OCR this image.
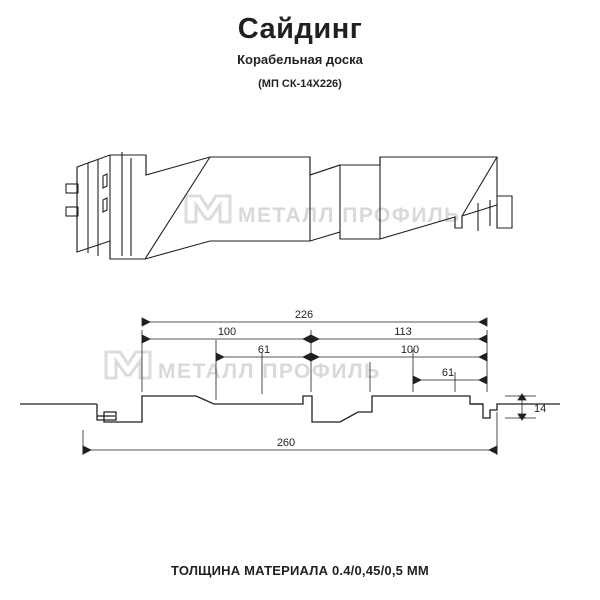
Сайдинг

Корабельная доска

(МП СК-14Х226)

МЕТАЛЛ ПРОФИЛЬ
МЕТАЛЛ ПРОФИЛЬ
226
100	113
61	100
61
260
14
ТОЛЩИНА МАТЕРИАЛА 0.4/0,45/0,5 ММ
